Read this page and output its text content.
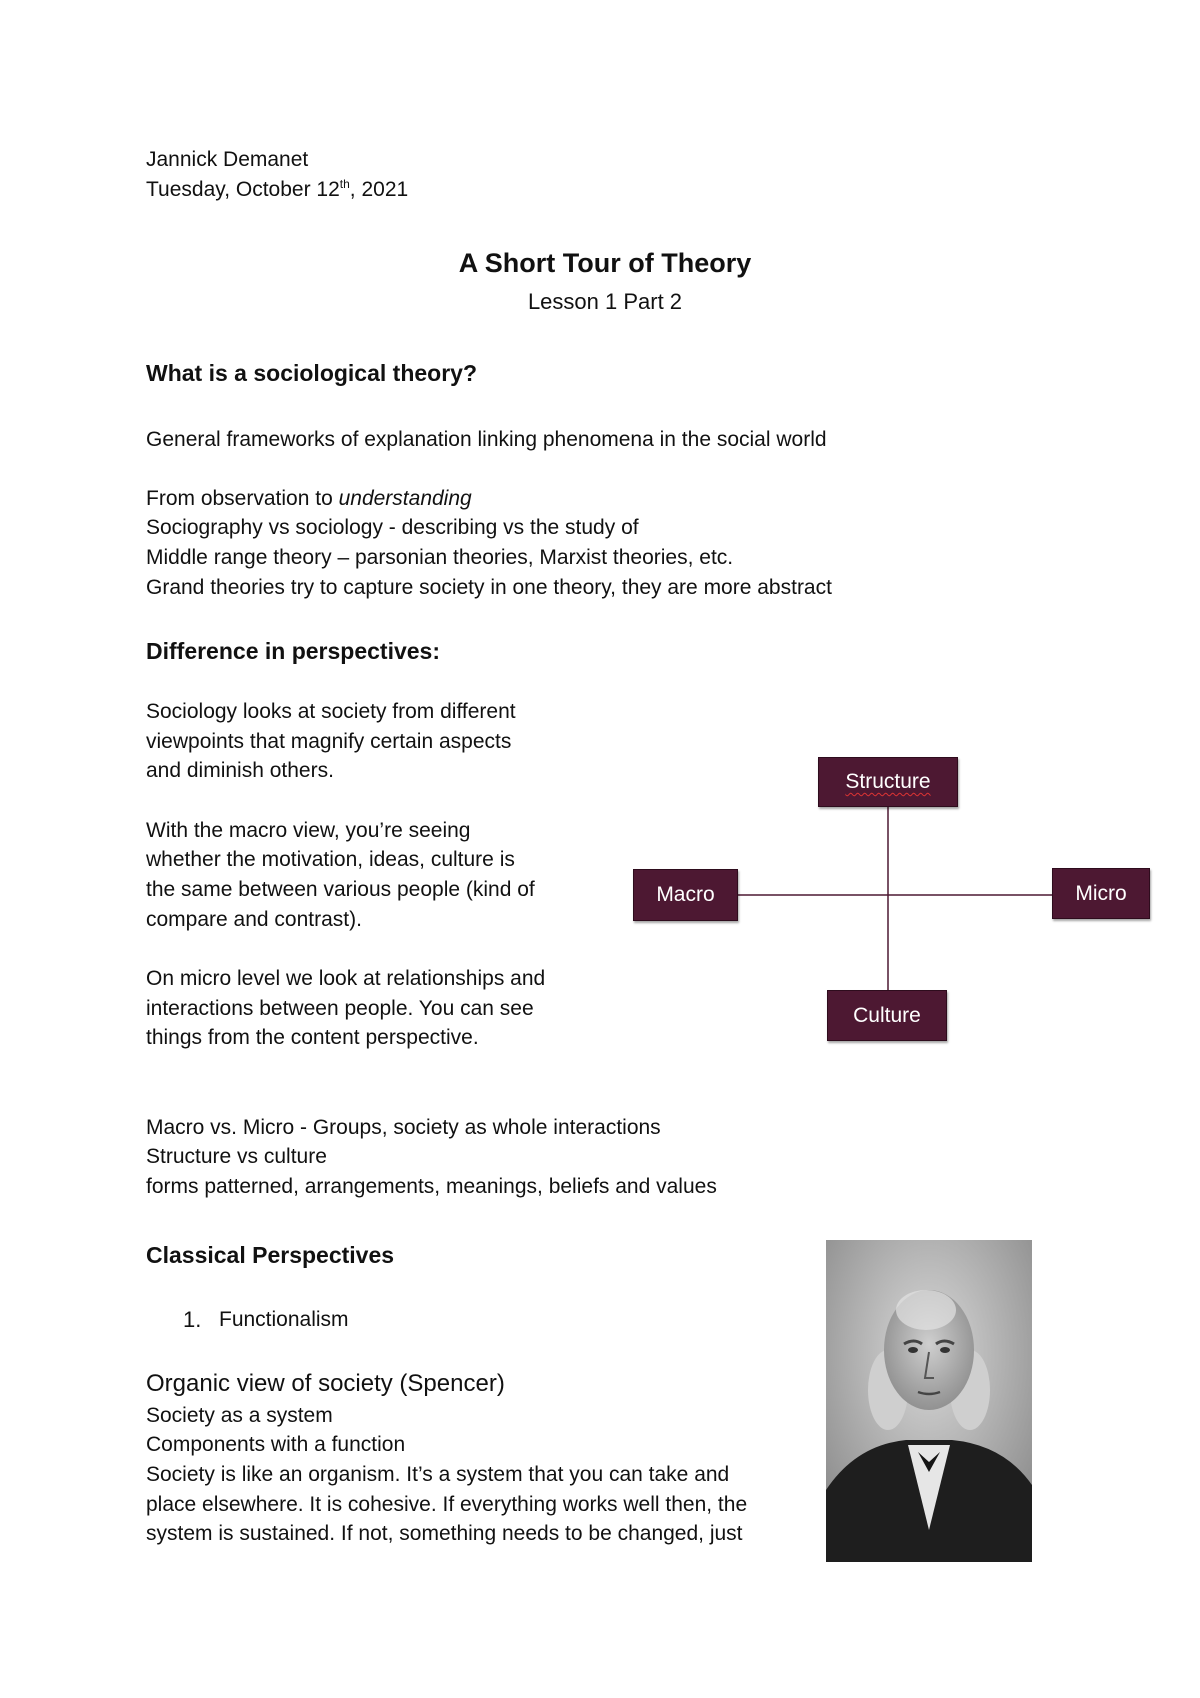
Jannick Demanet
Tuesday, October 12th, 2021
A Short Tour of Theory
Lesson 1 Part 2
What is a sociological theory?
General frameworks of explanation linking phenomena in the social world
From observation to understanding
Sociography vs sociology - describing vs the study of
Middle range theory – parsonian theories, Marxist theories, etc.
Grand theories try to capture society in one theory, they are more abstract
Difference in perspectives:
Sociology looks at society from different
viewpoints that magnify certain aspects
and diminish others.
With the macro view, you’re seeing
whether the motivation, ideas, culture is
the same between various people (kind of
compare and contrast).
On micro level we look at relationships and
interactions between people. You can see
things from the content perspective.
Structure
Macro	Micro
Culture
Macro vs. Micro - Groups, society as whole interactions
Structure vs culture
forms patterned, arrangements, meanings, beliefs and values
Classical Perspectives
1. Functionalism
Organic view of society (Spencer)
Society as a system
Components with a function
Society is like an organism. It’s a system that you can take and
place elsewhere. It is cohesive. If everything works well then, the
system is sustained. If not, something needs to be changed, just
